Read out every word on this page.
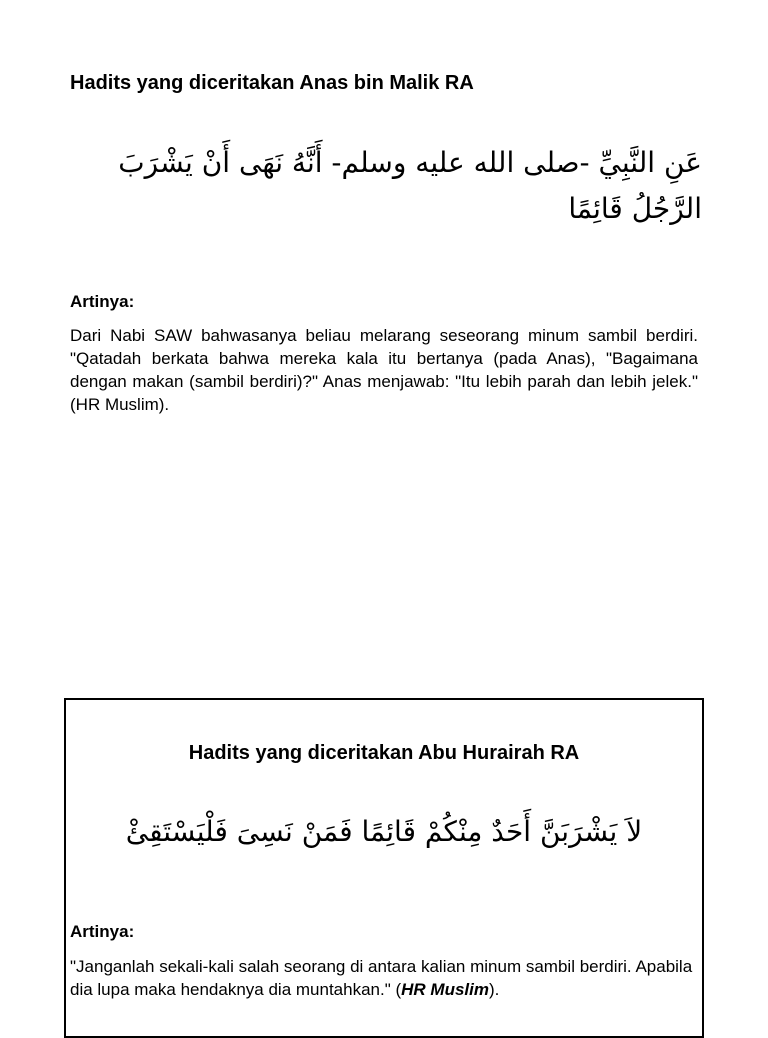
Hadits yang diceritakan Anas bin Malik RA
عَنِ النَّبِيِّ -صلى الله عليه وسلم- أَنَّهُ نَهَى أَنْ يَشْرَبَ الرَّجُلُ قَائِمًا
Artinya:
Dari Nabi SAW bahwasanya beliau melarang seseorang minum sambil berdiri. "Qatadah berkata bahwa mereka kala itu bertanya (pada Anas), "Bagaimana dengan makan (sambil berdiri)?" Anas menjawab: "Itu lebih parah dan lebih jelek." (HR Muslim).
Hadits yang diceritakan Abu Hurairah RA
لاَ يَشْرَبَنَّ أَحَدٌ مِنْكُمْ قَائِمًا فَمَنْ نَسِىَ فَلْيَسْتَقِئْ
Artinya:
"Janganlah sekali-kali salah seorang di antara kalian minum sambil berdiri. Apabila dia lupa maka hendaknya dia muntahkan." (HR Muslim).
